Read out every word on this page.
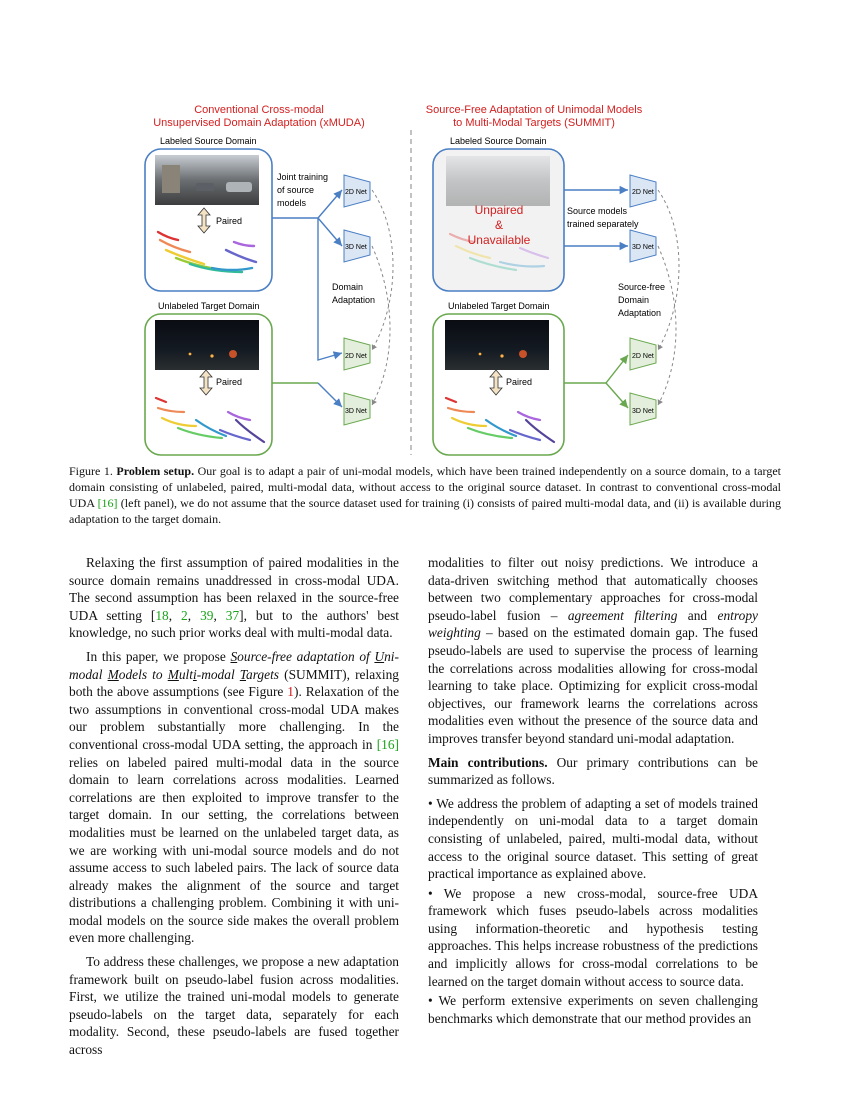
Conventional Cross-modal
Unsupervised Domain Adaptation (xMUDA)
Source-Free Adaptation of Unimodal Models
to Multi-Modal Targets (SUMMIT)
Labeled Source Domain
Paired
Joint training
of source
models
2D Net
3D Net
Domain
Adaptation
Unlabeled Target Domain
Paired
2D Net
3D Net
Labeled Source Domain
Unpaired
&
Unavailable
Source models
trained separately
2D Net
3D Net
Source-free
Domain
Adaptation
Unlabeled Target Domain
Paired
2D Net
3D Net
Figure 1. Problem setup. Our goal is to adapt a pair of uni-modal models, which have been trained independently on a source domain, to a target domain consisting of unlabeled, paired, multi-modal data, without access to the original source dataset. In contrast to conventional cross-modal UDA [16] (left panel), we do not assume that the source dataset used for training (i) consists of paired multi-modal data, and (ii) is available during adaptation to the target domain.

Relaxing the first assumption of paired modalities in the source domain remains unaddressed in cross-modal UDA. The second assumption has been relaxed in the source-free UDA setting [18, 2, 39, 37], but to the authors' best knowledge, no such prior works deal with multi-modal data.

In this paper, we propose Source-free adaptation of Uni-modal Models to Multi-modal Targets (SUMMIT), relaxing both the above assumptions (see Figure 1). Relaxation of the two assumptions in conventional cross-modal UDA makes our problem substantially more challenging. In the conventional cross-modal UDA setting, the approach in [16] relies on labeled paired multi-modal data in the source domain to learn correlations across modalities. Learned correlations are then exploited to improve transfer to the target domain. In our setting, the correlations between modalities must be learned on the unlabeled target data, as we are working with uni-modal source models and do not assume access to such labeled pairs. The lack of source data already makes the alignment of the source and target distributions a challenging problem. Combining it with uni-modal models on the source side makes the overall problem even more challenging.

To address these challenges, we propose a new adaptation framework built on pseudo-label fusion across modalities. First, we utilize the trained uni-modal models to generate pseudo-labels on the target data, separately for each modality. Second, these pseudo-labels are fused together across

modalities to filter out noisy predictions. We introduce a data-driven switching method that automatically chooses between two complementary approaches for cross-modal pseudo-label fusion – agreement filtering and entropy weighting – based on the estimated domain gap. The fused pseudo-labels are used to supervise the process of learning the correlations across modalities allowing for cross-modal learning to take place. Optimizing for explicit cross-modal objectives, our framework learns the correlations across modalities even without the presence of the source data and improves transfer beyond standard uni-modal adaptation.

Main contributions. Our primary contributions can be summarized as follows.

• We address the problem of adapting a set of models trained independently on uni-modal data to a target domain consisting of unlabeled, paired, multi-modal data, without access to the original source dataset. This setting of great practical importance as explained above.

• We propose a new cross-modal, source-free UDA framework which fuses pseudo-labels across modalities using information-theoretic and hypothesis testing approaches. This helps increase robustness of the predictions and implicitly allows for cross-modal correlations to be learned on the target domain without access to source data.

• We perform extensive experiments on seven challenging benchmarks which demonstrate that our method provides an
